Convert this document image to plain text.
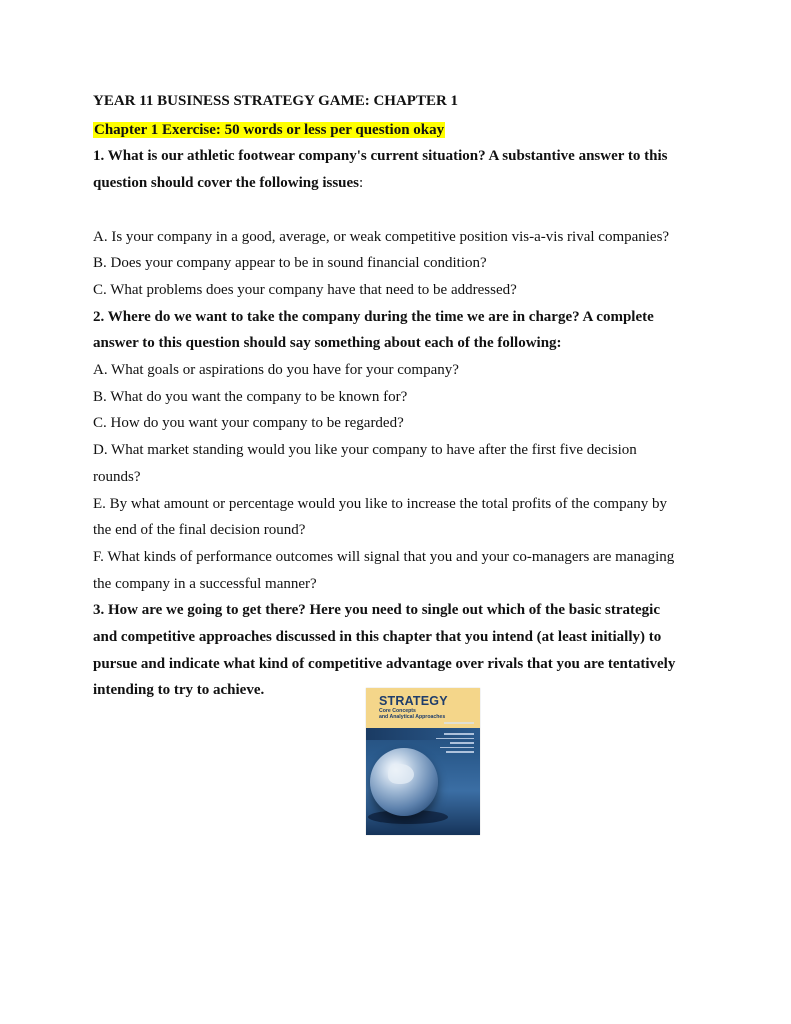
YEAR 11 BUSINESS STRATEGY GAME: CHAPTER 1

Chapter 1 Exercise: 50 words or less per question okay

1. What is our athletic footwear company's current situation? A substantive answer to this

question should cover the following issues:

A. Is your company in a good, average, or weak competitive position vis-a-vis rival companies?

B. Does your company appear to be in sound financial condition?

C. What problems does your company have that need to be addressed?

2. Where do we want to take the company during the time we are in charge? A complete

answer to this question should say something about each of the following:

A. What goals or aspirations do you have for your company?

B. What do you want the company to be known for?

C. How do you want your company to be regarded?

D. What market standing would you like your company to have after the first five decision

rounds?

E. By what amount or percentage would you like to increase the total profits of the company by

the end of the final decision round?

F. What kinds of performance outcomes will signal that you and your co-managers are managing

the company in a successful manner?

3. How are we going to get there? Here you need to single out which of the basic strategic

and competitive approaches discussed in this chapter that you intend (at least initially) to

pursue and indicate what kind of competitive advantage over rivals that you are tentatively

intending to try to achieve.

STRATEGY
Core Concepts
and Analytical Approaches
